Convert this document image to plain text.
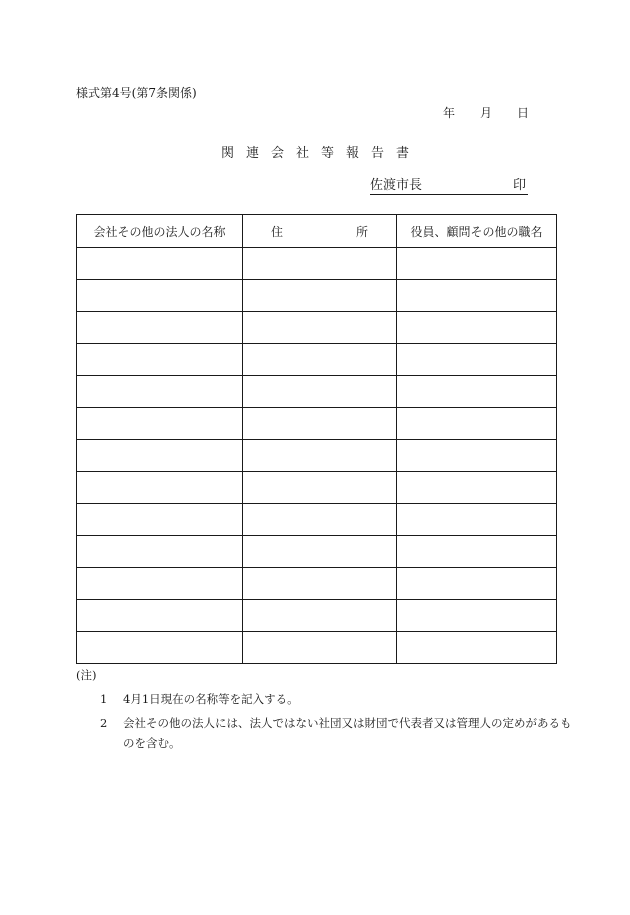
様式第4号(第7条関係)
年 月 日
関連会社等報告書
佐渡市長	印
会社その他の法人の名称	住 所	役員、顧問その他の職名

(注)
1 4月1日現在の名称等を記入する。
2 会社その他の法人には、法人ではない社団又は財団で代表者又は管理人の定めがあるものを含む。
